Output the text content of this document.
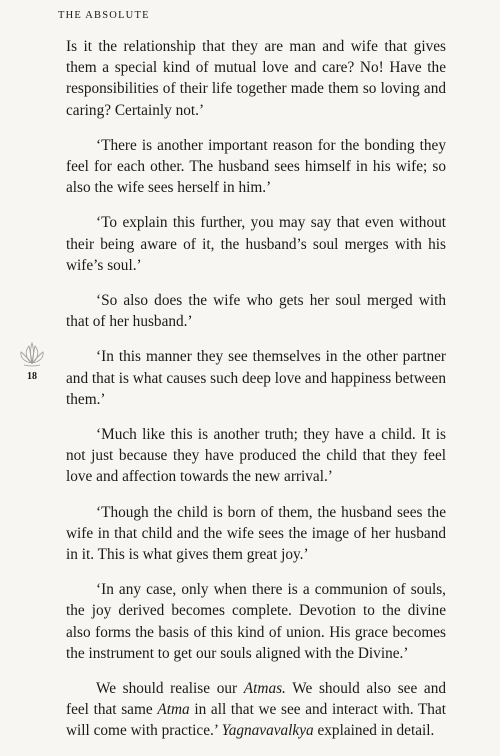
THE ABSOLUTE

Is it the relationship that they are man and wife that gives them a special kind of mutual love and care? No! Have the responsibilities of their life together made them so loving and caring? Certainly not.’

‘There is another important reason for the bonding they feel for each other. The husband sees himself in his wife; so also the wife sees herself in him.’

‘To explain this further, you may say that even without their being aware of it, the husband’s soul merges with his wife’s soul.’

‘So also does the wife who gets her soul merged with that of her husband.’

‘In this manner they see themselves in the other partner and that is what causes such deep love and happiness between them.’

‘Much like this is another truth; they have a child. It is not just because they have produced the child that they feel love and affection towards the new arrival.’

‘Though the child is born of them, the husband sees the wife in that child and the wife sees the image of her husband in it. This is what gives them great joy.’

‘In any case, only when there is a communion of souls, the joy derived becomes complete. Devotion to the divine also forms the basis of this kind of union. His grace becomes the instrument to get our souls aligned with the Divine.’

We should realise our Atmas. We should also see and feel that same Atma in all that we see and interact with. That will come with practice.’ Yagnavavalkya explained in detail.

18
